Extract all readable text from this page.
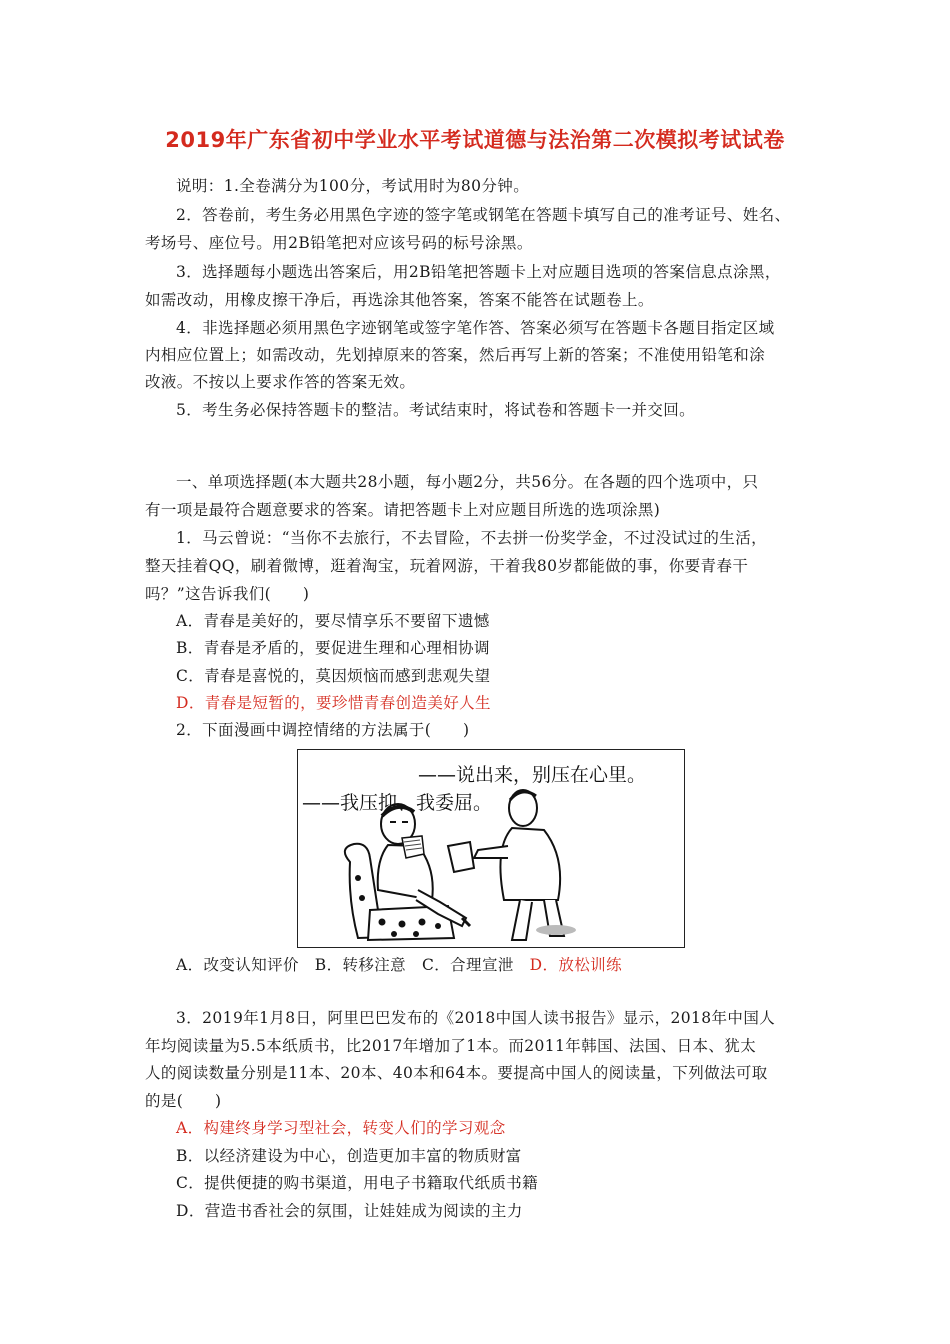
2019年广东省初中学业水平考试道德与法治第二次模拟考试试卷
说明：1.全卷满分为100分，考试用时为80分钟。
2．答卷前，考生务必用黑色字迹的签字笔或钢笔在答题卡填写自己的准考证号、姓名、
考场号、座位号。用2B铅笔把对应该号码的标号涂黑。
3．选择题每小题选出答案后，用2B铅笔把答题卡上对应题目选项的答案信息点涂黑，
如需改动，用橡皮擦干净后，再选涂其他答案，答案不能答在试题卷上。
4．非选择题必须用黑色字迹钢笔或签字笔作答、答案必须写在答题卡各题目指定区域
内相应位置上；如需改动，先划掉原来的答案，然后再写上新的答案；不准使用铅笔和涂
改液。不按以上要求作答的答案无效。
5．考生务必保持答题卡的整洁。考试结束时，将试卷和答题卡一并交回。
一、单项选择题(本大题共28小题，每小题2分，共56分。在各题的四个选项中，只
有一项是最符合题意要求的答案。请把答题卡上对应题目所选的选项涂黑)
1．马云曾说：“当你不去旅行，不去冒险，不去拼一份奖学金，不过没试过的生活，
整天挂着QQ，刷着微博，逛着淘宝，玩着网游，干着我80岁都能做的事，你要青春干
吗？”这告诉我们(　　)
A．青春是美好的，要尽情享乐不要留下遗憾
B．青春是矛盾的，要促进生理和心理相协调
C．青春是喜悦的，莫因烦恼而感到悲观失望
D．青春是短暂的，要珍惜青春创造美好人生
2．下面漫画中调控情绪的方法属于(　　)
——说出来，别压在心里。
——我压抑、我委屈。
A．改变认知评价　B．转移注意　C．合理宣泄　D．放松训练
3．2019年1月8日，阿里巴巴发布的《2018中国人读书报告》显示，2018年中国人
年均阅读量为5.5本纸质书，比2017年增加了1本。而2011年韩国、法国、日本、犹太
人的阅读数量分别是11本、20本、40本和64本。要提高中国人的阅读量，下列做法可取
的是(　　)
A．构建终身学习型社会，转变人们的学习观念
B．以经济建设为中心，创造更加丰富的物质财富
C．提供便捷的购书渠道，用电子书籍取代纸质书籍
D．营造书香社会的氛围，让娃娃成为阅读的主力
